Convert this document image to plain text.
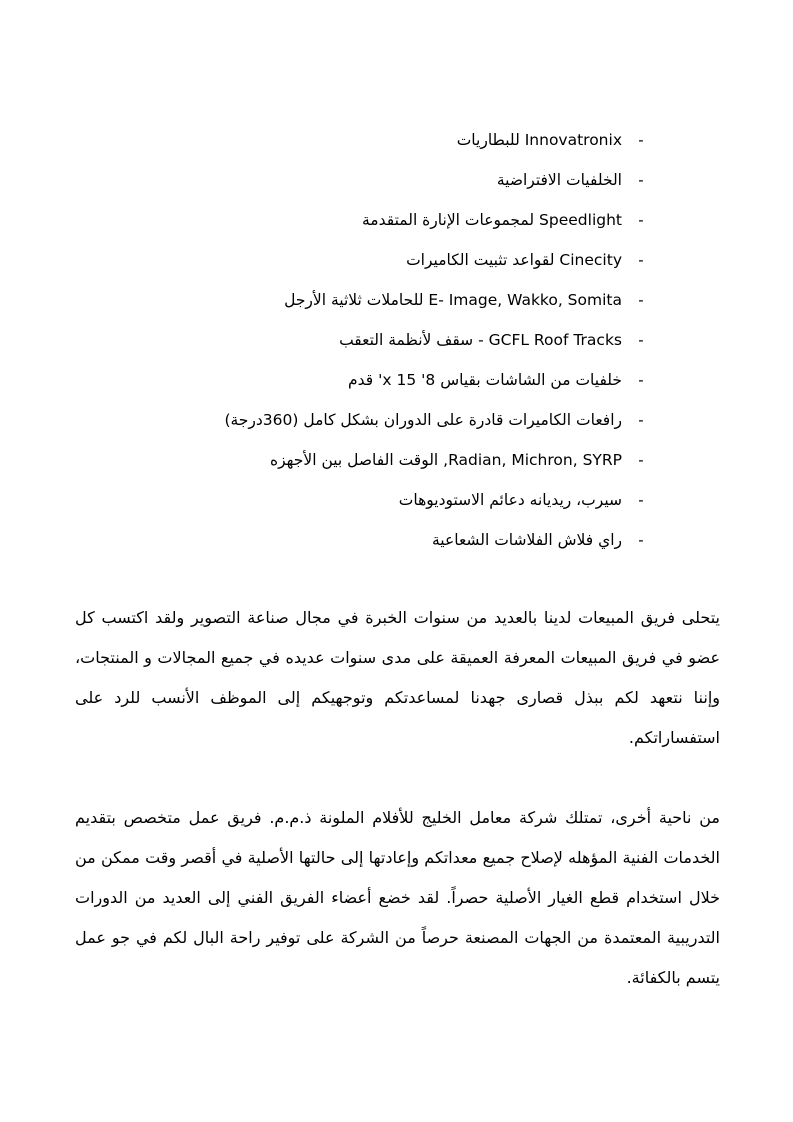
-
Innovatronix للبطاريات
-
الخلفيات الافتراضية
-
Speedlight لمجموعات الإنارة المتقدمة
-
Cinecity لقواعد تثبيت الكاميرات
-
E- Image, Wakko, Somita للحاملات ثلاثية الأرجل
-
GCFL Roof Tracks - سقف لأنظمة التعقب
-
خلفيات من الشاشات بقياس 8' x 15' قدم
-
رافعات الكاميرات قادرة على الدوران بشكل كامل (360درجة)
-
Radian, Michron, SYRP, الوقت الفاصل بين الأجهزه
-
سيرب، ريديانه دعائم الاستوديوهات
-
راي فلاش الفلاشات الشعاعية

يتحلى فريق المبيعات لدينا بالعديد من سنوات الخبرة في مجال صناعة التصوير ولقد اكتسب كل عضو في فريق المبيعات المعرفة العميقة على مدى سنوات عديده في جميع المجالات و المنتجات، وإننا نتعهد لكم ببذل قصارى جهدنا لمساعدتكم وتوجهيكم إلى الموظف الأنسب للرد على استفساراتكم.

من ناحية أخرى، تمتلك شركة معامل الخليج للأفلام الملونة ذ.م.م. فريق عمل متخصص بتقديم الخدمات الفنية المؤهله لإصلاح جميع معداتكم وإعادتها إلى حالتها الأصلية في أقصر وقت ممكن من خلال استخدام قطع الغيار الأصلية حصراً. لقد خضع أعضاء الفريق الفني إلى العديد من الدورات التدريبية المعتمدة من الجهات المصنعة حرصاً من الشركة على توفير راحة البال لكم في جو عمل يتسم بالكفائة.
